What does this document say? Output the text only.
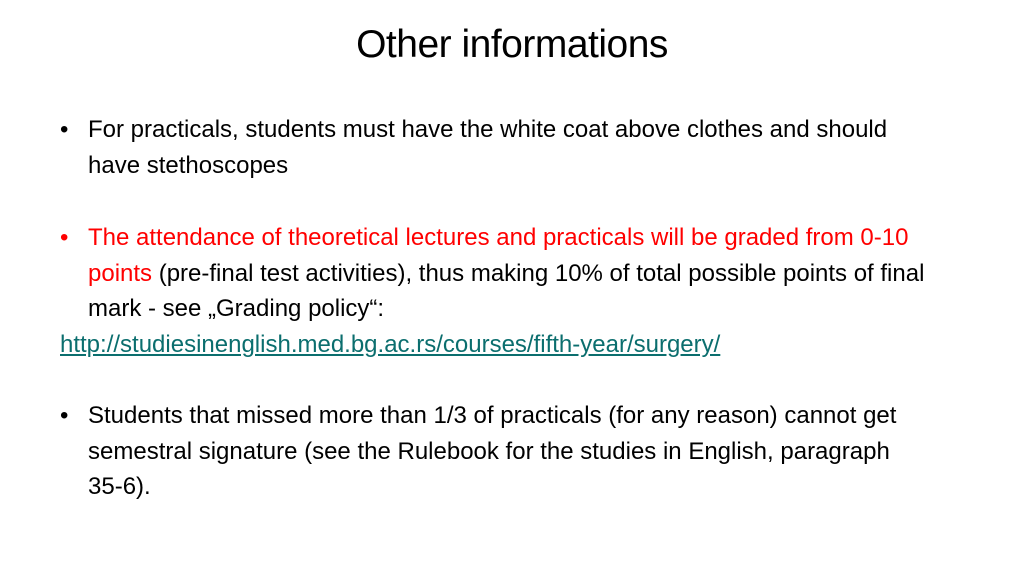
Other informations
• For practicals, students must have the white coat above clothes and should have stethoscopes
• The attendance of theoretical lectures and practicals will be graded from 0-10 points (pre-final test activities), thus making 10% of total possible points of final mark - see „Grading policy“:
http://studiesinenglish.med.bg.ac.rs/courses/fifth-year/surgery/
• Students that missed more than 1/3 of practicals (for any reason) cannot get semestral signature (see the Rulebook for the studies in English, paragraph 35-6).
